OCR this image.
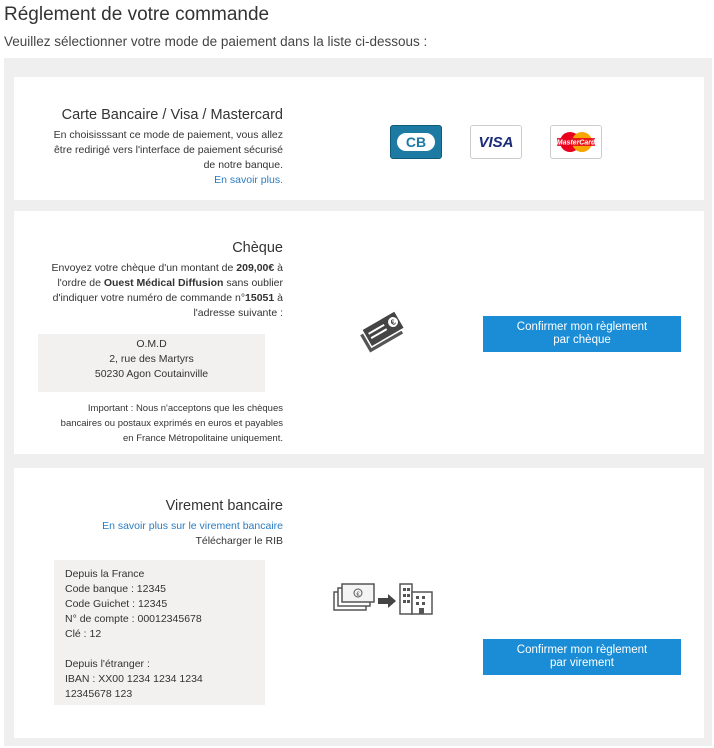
Réglement de votre commande

Veuillez sélectionner votre mode de paiement dans la liste ci-dessous :

Carte Bancaire / Visa / Mastercard
En choisisssant ce mode de paiement, vous allez
être redirigé vers l'interface de paiement sécurisé
de notre banque.
En savoir plus.
CB	VISA	MasterCard
Chèque
Envoyez votre chèque d'un montant de 209,00€ à
l'ordre de Ouest Médical Diffusion sans oublier
d'indiquer votre numéro de commande n°15051 à
l'adresse suivante :
O.M.D
2, rue des Martyrs
50230 Agon Coutainville
Important : Nous n'acceptons que les chèques
bancaires ou postaux exprimés en euros et payables
en France Métropolitaine uniquement.
€	Confirmer mon règlement
par chèque
Virement bancaire
En savoir plus sur le virement bancaire
Télécharger le RIB
Depuis la France
Code banque : 12345
Code Guichet : 12345
N° de compte : 00012345678
Clé : 12
Depuis l'étranger :
IBAN : XX00 1234 1234 1234
12345678 123
€
Confirmer mon règlement
par virement
